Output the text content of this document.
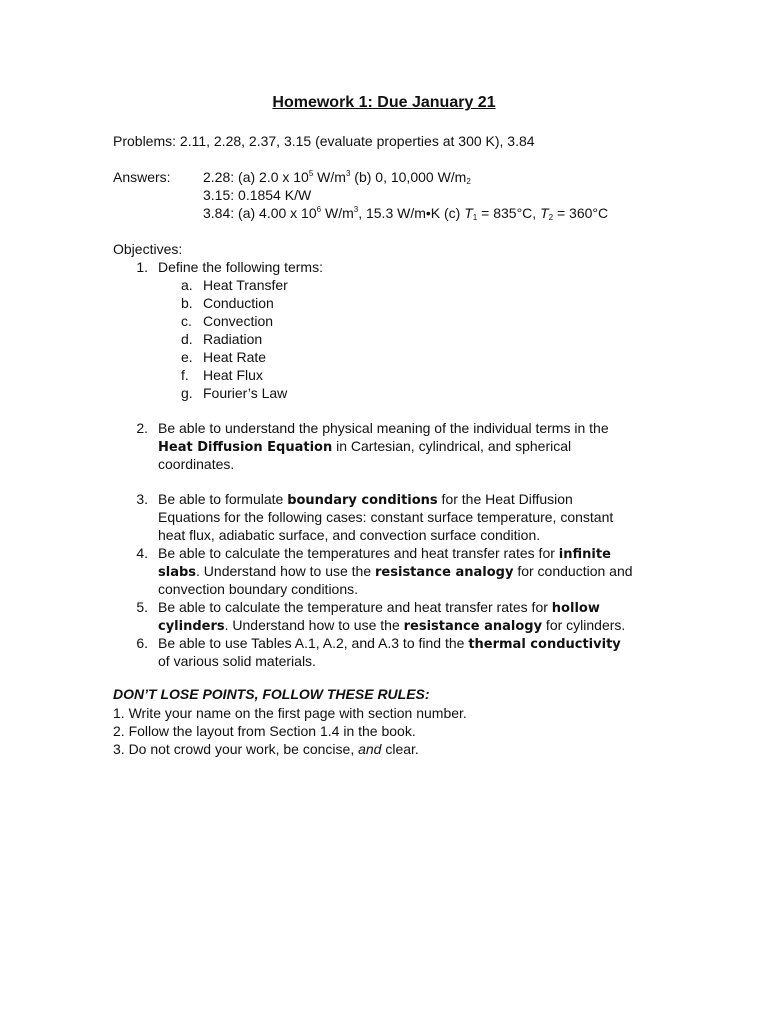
Homework 1: Due January 21
Problems: 2.11, 2.28, 2.37, 3.15 (evaluate properties at 300 K), 3.84
Answers: 2.28: (a) 2.0 x $10^5$ $W/m^3$ (b) 0, 10,000 $W/m_2$
3.15: 0.1854 K/W
3.84: (a) 4.00 x $10^6$ $W/m^3$, 15.3 W/m•K (c) $T_1 = 835^\circ C$, $T_2 = 360^\circ C$
Objectives:
1. Define the following terms:
a. Heat Transfer
b. Conduction
c. Convection
d. Radiation
e. Heat Rate
f. Heat Flux
g. Fourier’s Law
2. Be able to understand the physical meaning of the individual terms in the
Heat Diffusion Equation in Cartesian, cylindrical, and spherical
coordinates.
3. Be able to formulate boundary conditions for the Heat Diffusion
Equations for the following cases: constant surface temperature, constant
heat flux, adiabatic surface, and convection surface condition.
4. Be able to calculate the temperatures and heat transfer rates for infinite
slabs. Understand how to use the resistance analogy for conduction and
convection boundary conditions.
5. Be able to calculate the temperature and heat transfer rates for hollow
cylinders. Understand how to use the resistance analogy for cylinders.
6. Be able to use Tables A.1, A.2, and A.3 to find the thermal conductivity
of various solid materials.
DON’T LOSE POINTS, FOLLOW THESE RULES:
1. Write your name on the first page with section number.
2. Follow the layout from Section 1.4 in the book.
3. Do not crowd your work, be concise, and clear.
